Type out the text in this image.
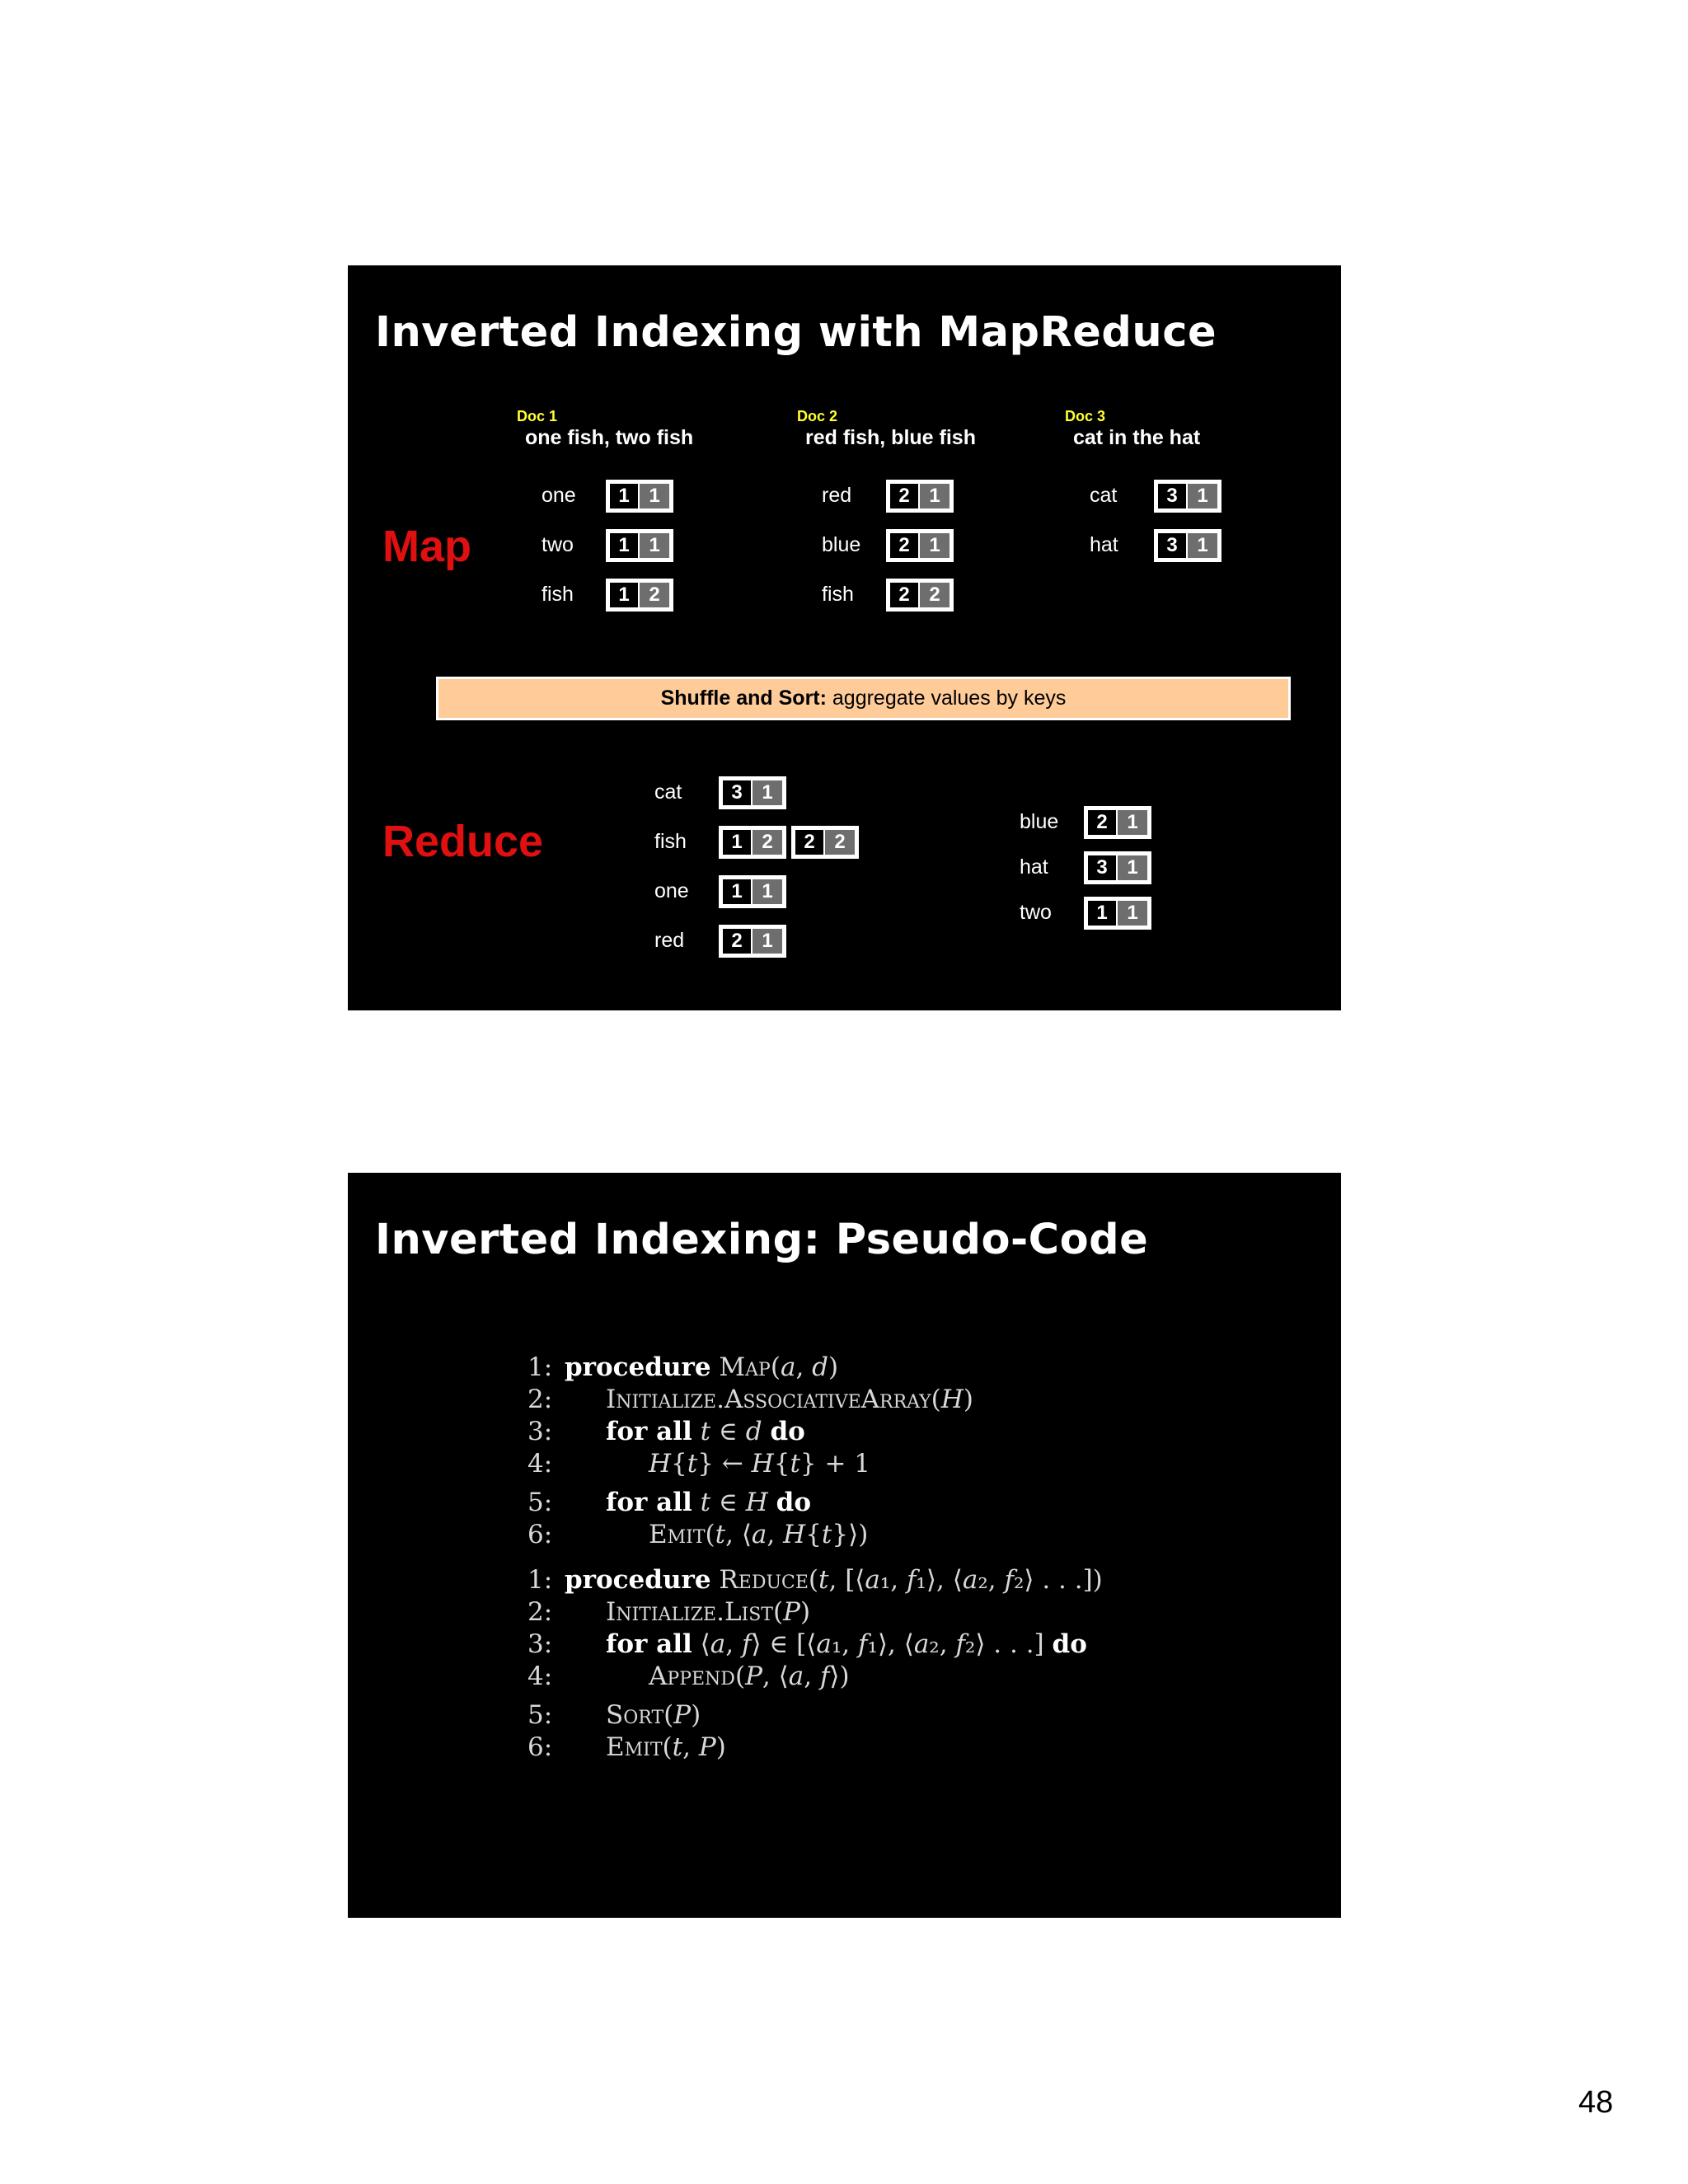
Inverted Indexing with MapReduce
Map
Reduce
Doc 1
one fish, two fish
one	1 1
two	1 1
fish	1 2
Doc 2
red fish, blue fish
red	2 1
blue	2 1
fish	2 2
Doc 3
cat in the hat
cat	3 1
hat	3 1
Shuffle and Sort: aggregate values by keys
cat	3 1
fish	1 2	2 2
one	1 1
red	2 1
blue	2 1
hat	3 1
two	1 1
Inverted Indexing: Pseudo-Code
1: procedure Map(a, d)
2:	Initialize.AssociativeArray(H)
3:	for all t ∈ d do
4:	H{t} ← H{t} + 1
5:	for all t ∈ H do
6:	Emit(t, ⟨a, H{t}⟩)
1: procedure Reduce(t, [⟨a₁, f₁⟩, ⟨a₂, f₂⟩ . . .])
2:	Initialize.List(P)
3:	for all ⟨a, f⟩ ∈ [⟨a₁, f₁⟩, ⟨a₂, f₂⟩ . . .] do
4:	Append(P, ⟨a, f⟩)
5:	Sort(P)
6:	Emit(t, P)
48
